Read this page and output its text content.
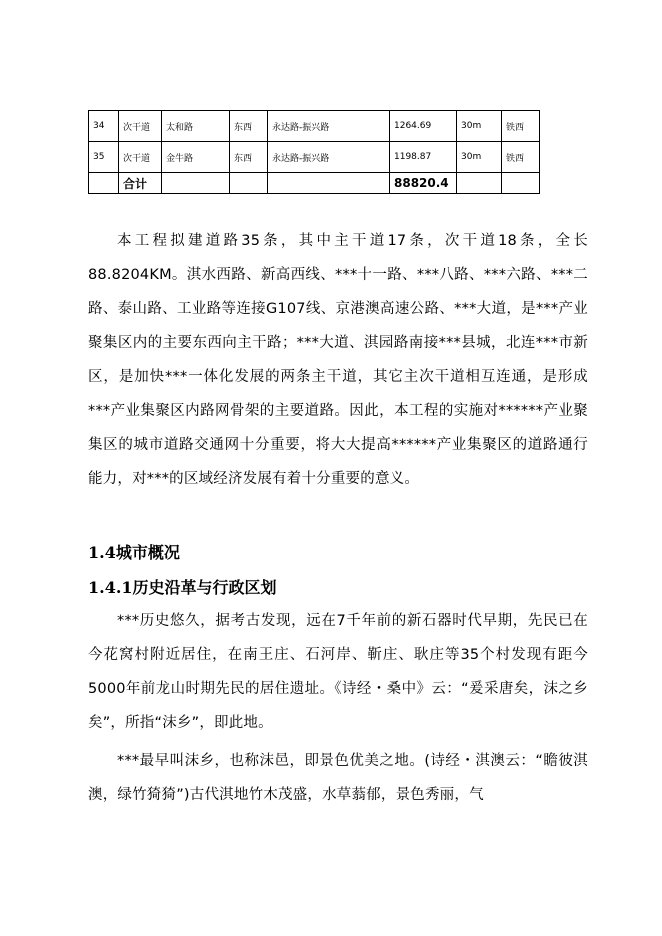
34	次干道	太和路	东西	永达路-振兴路	1264.69	30m	铁西
35	次干道	金牛路	东西	永达路-振兴路	1198.87	30m	铁西
	合计				88820.4		

本工程拟建道路35条，其中主干道17条，次干道18条，全长88.8204KM。淇水西路、新高西线、***十一路、***八路、***六路、***二路、泰山路、工业路等连接G107线、京港澳高速公路、***大道，是***产业聚集区内的主要东西向主干路；***大道、淇园路南接***县城，北连***市新区，是加快***一体化发展的两条主干道，其它主次干道相互连通，是形成***产业集聚区内路网骨架的主要道路。因此，本工程的实施对******产业聚集区的城市道路交通网十分重要，将大大提高******产业集聚区的道路通行能力，对***的区域经济发展有着十分重要的意义。

1.4城市概况
1.4.1历史沿革与行政区划

***历史悠久，据考古发现，远在7千年前的新石器时代早期，先民已在今花窝村附近居住，在南王庄、石河岸、靳庄、耿庄等35个村发现有距今5000年前龙山时期先民的居住遗址。《诗经・桑中》云：“爰采唐矣，沫之乡矣”，所指“沫乡”，即此地。

***最早叫沫乡，也称沫邑，即景色优美之地。(诗经・淇澳云：“瞻彼淇澳，绿竹猗猗”)古代淇地竹木茂盛，水草蓊郁，景色秀丽，气
